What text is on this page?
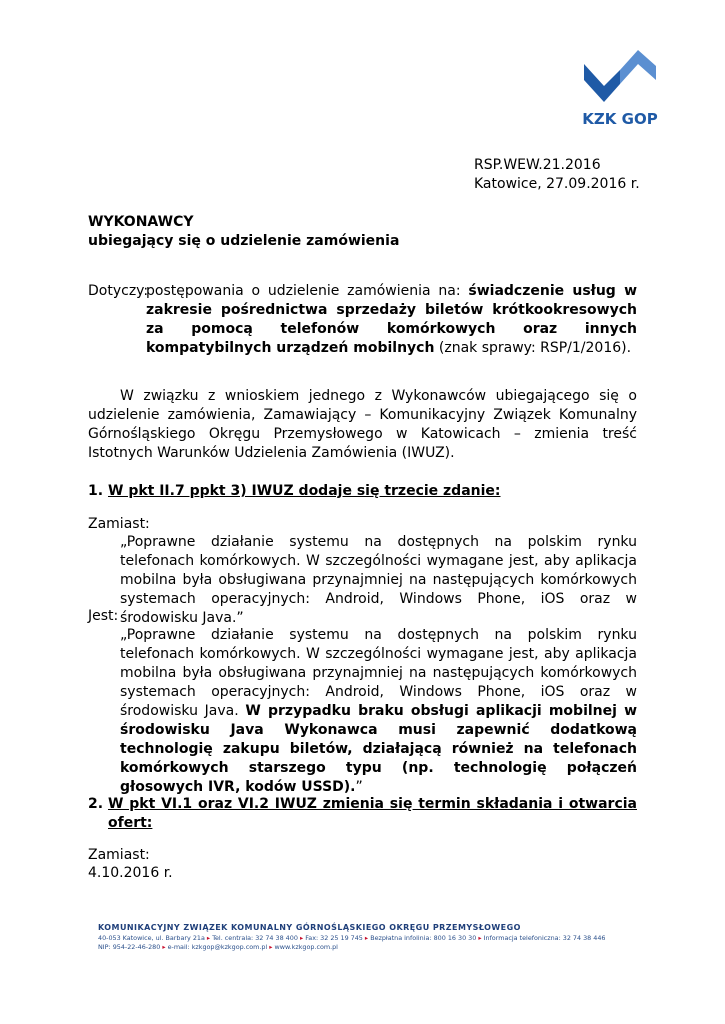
KZK GOP

RSP.WEW.21.2016

Katowice, 27.09.2016 r.

WYKONAWCY

ubiegający się o udzielenie zamówienia

Dotyczy:
postępowania o udzielenie zamówienia na: świadczenie usług w zakresie pośrednictwa sprzedaży biletów krótkookresowych za pomocą telefonów komórkowych oraz innych kompatybilnych urządzeń mobilnych (znak sprawy: RSP/1/2016).
W związku z wnioskiem jednego z Wykonawców ubiegającego się o udzielenie zamówienia, Zamawiający – Komunikacyjny Związek Komunalny Górnośląskiego Okręgu Przemysłowego w Katowicach – zmienia treść Istotnych Warunków Udzielenia Zamówienia (IWUZ).
1. W pkt II.7 ppkt 3) IWUZ dodaje się trzecie zdanie:
Zamiast:
„Poprawne działanie systemu na dostępnych na polskim rynku telefonach komórkowych. W szczególności wymagane jest, aby aplikacja mobilna była obsługiwana przynajmniej na następujących komórkowych systemach operacyjnych: Android, Windows Phone, iOS oraz w środowisku Java.”
Jest:
„Poprawne działanie systemu na dostępnych na polskim rynku telefonach komórkowych. W szczególności wymagane jest, aby aplikacja mobilna była obsługiwana przynajmniej na następujących komórkowych systemach operacyjnych: Android, Windows Phone, iOS oraz w środowisku Java. W przypadku braku obsługi aplikacji mobilnej w środowisku Java Wykonawca musi zapewnić dodatkową technologię zakupu biletów, działającą również na telefonach komórkowych starszego typu (np. technologię połączeń głosowych IVR, kodów USSD).”
2. W pkt VI.1 oraz VI.2 IWUZ zmienia się termin składania i otwarcia ofert:
Zamiast:
4.10.2016 r.
KOMUNIKACYJNY ZWIĄZEK KOMUNALNY GÓRNOŚLĄSKIEGO OKRĘGU PRZEMYSŁOWEGO
40-053 Katowice, ul. Barbary 21a ▸ Tel. centrala: 32 74 38 400 ▸ Fax: 32 25 19 745 ▸ Bezpłatna infolinia: 800 16 30 30 ▸ Informacja telefoniczna: 32 74 38 446
NIP: 954-22-46-280 ▸ e-mail: kzkgop@kzkgop.com.pl ▸ www.kzkgop.com.pl
